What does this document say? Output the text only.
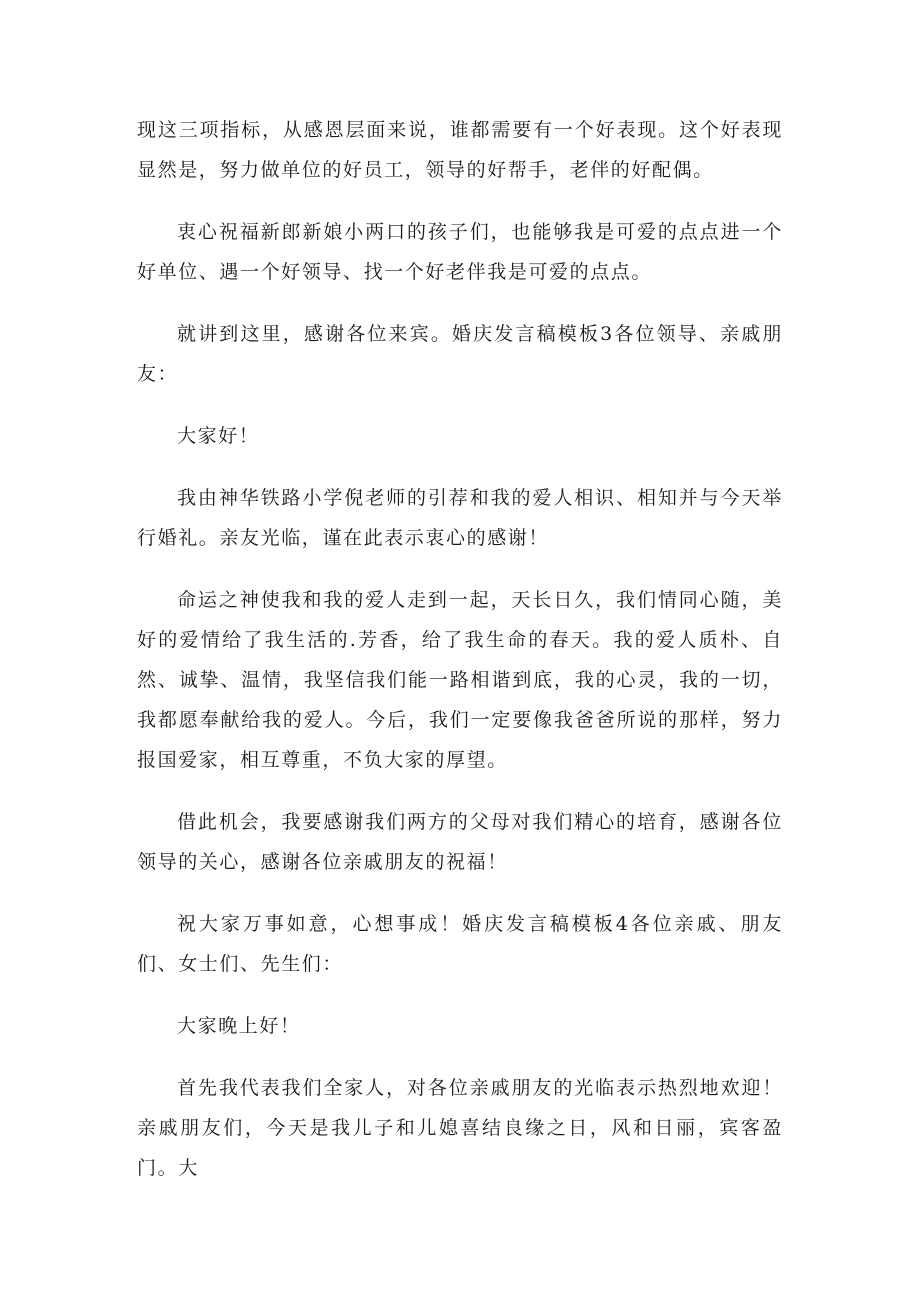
现这三项指标，从感恩层面来说，谁都需要有一个好表现。这个好表现显然是，努力做单位的好员工，领导的好帮手，老伴的好配偶。

衷心祝福新郎新娘小两口的孩子们，也能够我是可爱的点点进一个好单位、遇一个好领导、找一个好老伴我是可爱的点点。

就讲到这里，感谢各位来宾。婚庆发言稿模板3各位领导、亲戚朋友：

大家好！

我由神华铁路小学倪老师的引荐和我的爱人相识、相知并与今天举行婚礼。亲友光临，谨在此表示衷心的感谢！

命运之神使我和我的爱人走到一起，天长日久，我们情同心随，美好的爱情给了我生活的.芳香，给了我生命的春天。我的爱人质朴、自然、诚挚、温情，我坚信我们能一路相谐到底，我的心灵，我的一切，我都愿奉献给我的爱人。今后，我们一定要像我爸爸所说的那样，努力报国爱家，相互尊重，不负大家的厚望。

借此机会，我要感谢我们两方的父母对我们精心的培育，感谢各位领导的关心，感谢各位亲戚朋友的祝福！

祝大家万事如意，心想事成！婚庆发言稿模板4各位亲戚、朋友们、女士们、先生们：

大家晚上好！

首先我代表我们全家人，对各位亲戚朋友的光临表示热烈地欢迎！亲戚朋友们，今天是我儿子和儿媳喜结良缘之日，风和日丽，宾客盈门。大
